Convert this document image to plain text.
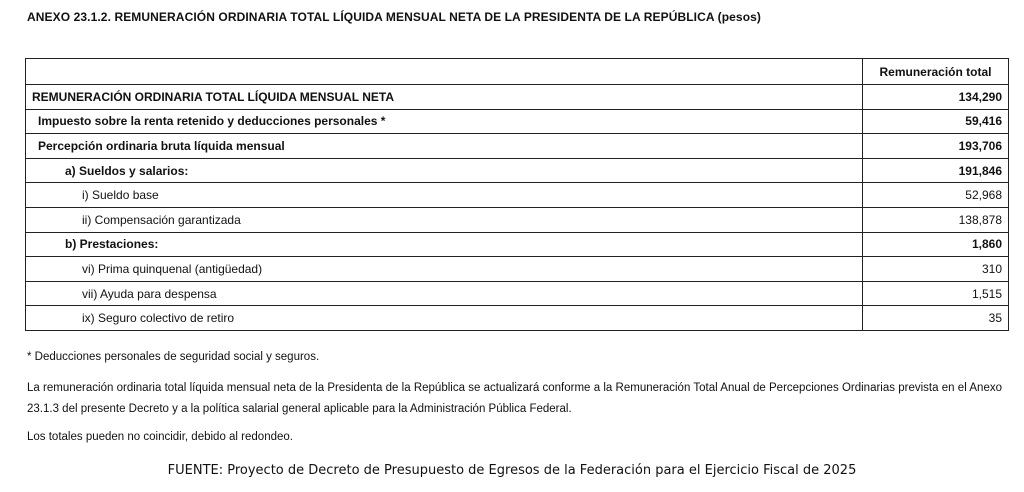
ANEXO 23.1.2. REMUNERACIÓN ORDINARIA TOTAL LÍQUIDA MENSUAL NETA DE LA PRESIDENTA DE LA REPÚBLICA (pesos)
	Remuneración total
REMUNERACIÓN ORDINARIA TOTAL LÍQUIDA MENSUAL NETA	134,290
Impuesto sobre la renta retenido y deducciones personales *	59,416
Percepción ordinaria bruta líquida mensual	193,706
a) Sueldos y salarios:	191,846
i) Sueldo base	52,968
ii) Compensación garantizada	138,878
b) Prestaciones:	1,860
vi) Prima quinquenal (antigüedad)	310
vii) Ayuda para despensa	1,515
ix) Seguro colectivo de retiro	35
* Deducciones personales de seguridad social y seguros.
La remuneración ordinaria total líquida mensual neta de la Presidenta de la República se actualizará conforme a la Remuneración Total Anual de Percepciones Ordinarias prevista en el Anexo 23.1.3 del presente Decreto y a la política salarial general aplicable para la Administración Pública Federal.
Los totales pueden no coincidir, debido al redondeo.
FUENTE: Proyecto de Decreto de Presupuesto de Egresos de la Federación para el Ejercicio Fiscal de 2025
